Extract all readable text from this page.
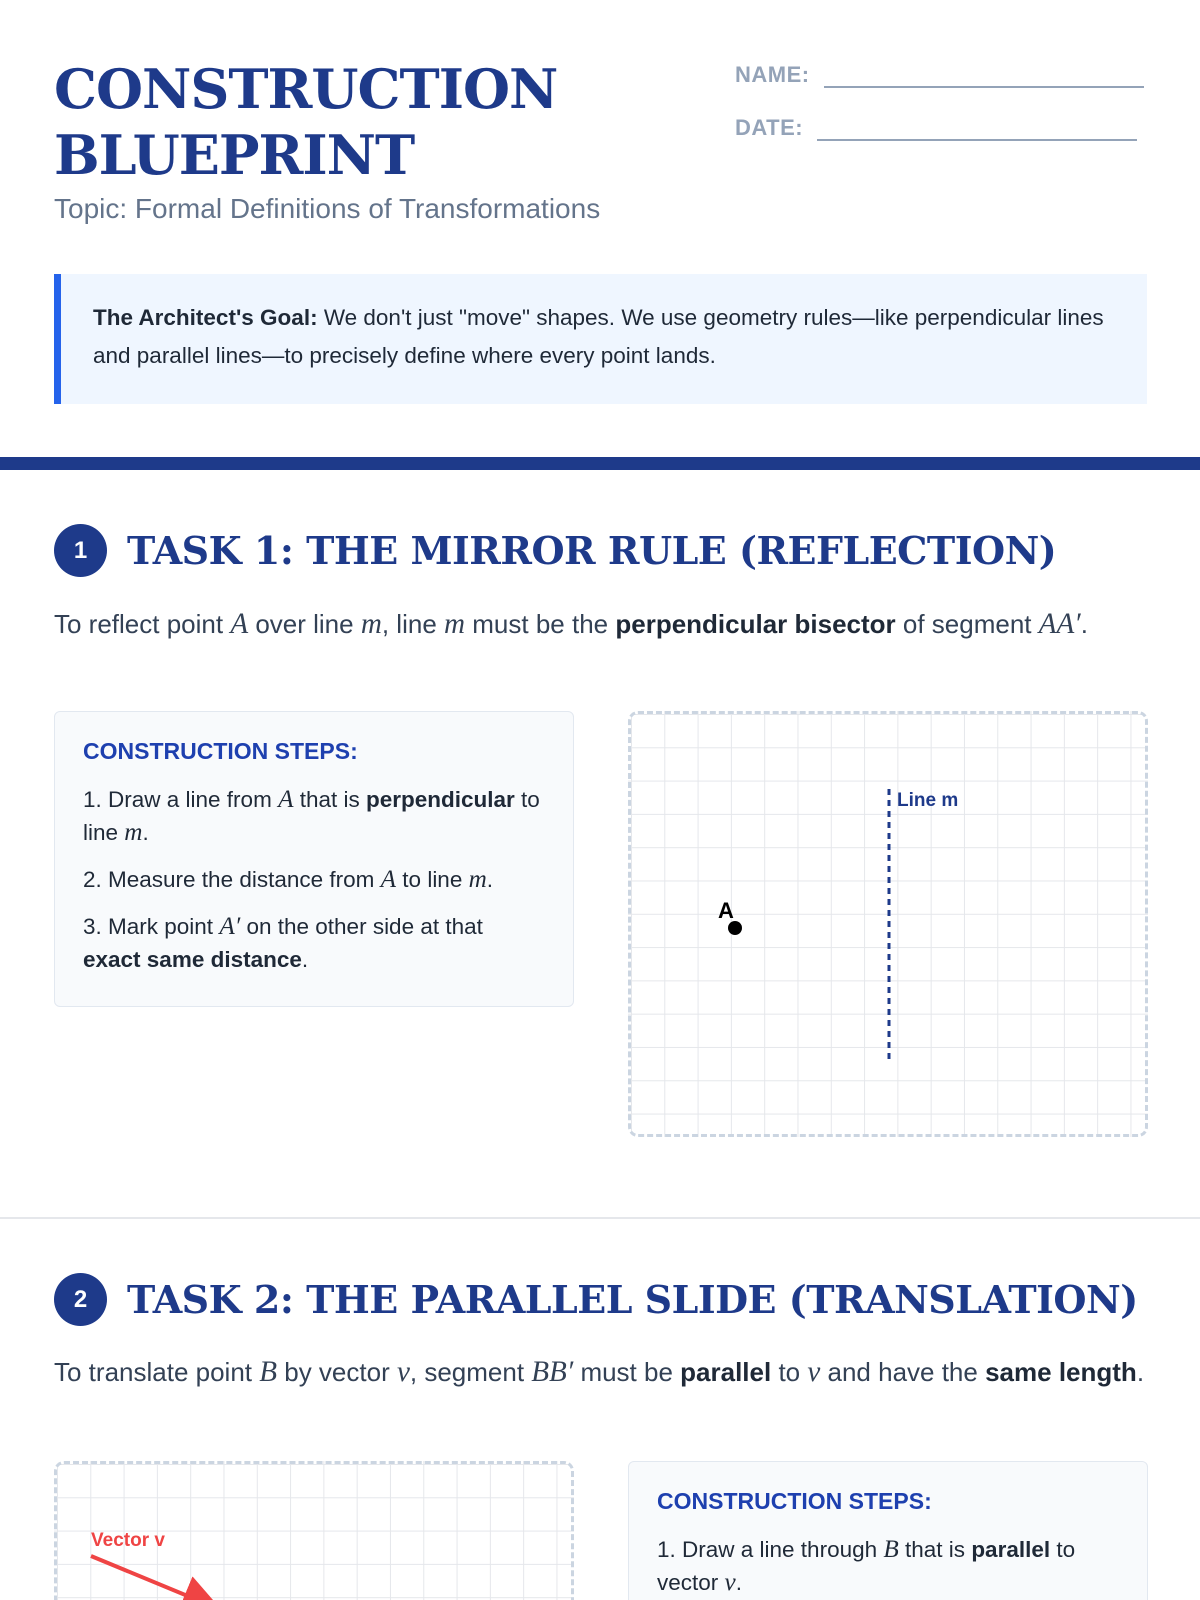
CONSTRUCTION
BLUEPRINT
Topic: Formal Definitions of Transformations
NAME:
DATE:
The Architect's Goal: We don't just "move" shapes. We use geometry rules—like perpendicular lines and parallel lines—to precisely define where every point lands.
1	TASK 1: THE MIRROR RULE (REFLECTION)
To reflect point A over line m, line m must be the perpendicular bisector of segment AA′.
CONSTRUCTION STEPS:
1. Draw a line from A that is perpendicular to line m.
2. Measure the distance from A to line m.
3. Mark point A′ on the other side at that exact same distance.
Line m
A
2	TASK 2: THE PARALLEL SLIDE (TRANSLATION)
To translate point B by vector v, segment BB′ must be parallel to v and have the same length.
Vector v
CONSTRUCTION STEPS:
1. Draw a line through B that is parallel to vector v.
